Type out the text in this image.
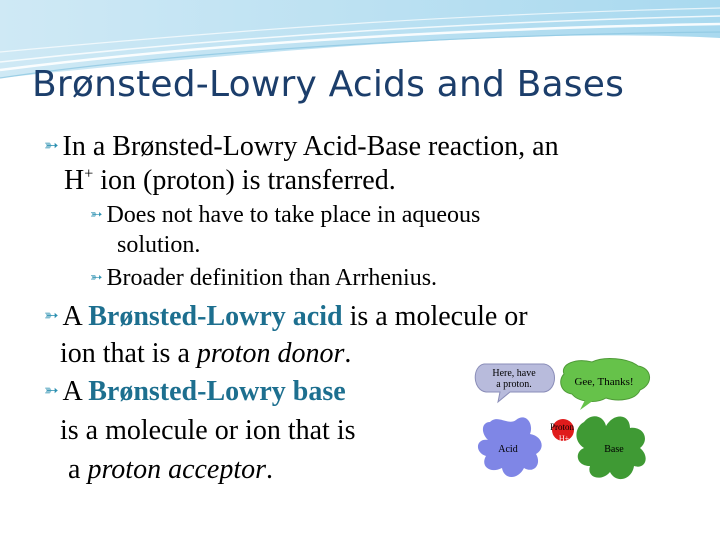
Brønsted-Lowry Acids and Bases
➳ In a Brønsted-Lowry Acid-Base reaction, an
H+ ion (proton) is transferred.
➳ Does not have to take place in aqueous
solution.
➳ Broader definition than Arrhenius.
➳ A Brønsted-Lowry acid is a molecule or
ion that is a proton donor.
➳ A Brønsted-Lowry base
is a molecule or ion that is
a proton acceptor.
Here, have
a proton.	Gee, Thanks!
Acid
Proton
H+
Base
